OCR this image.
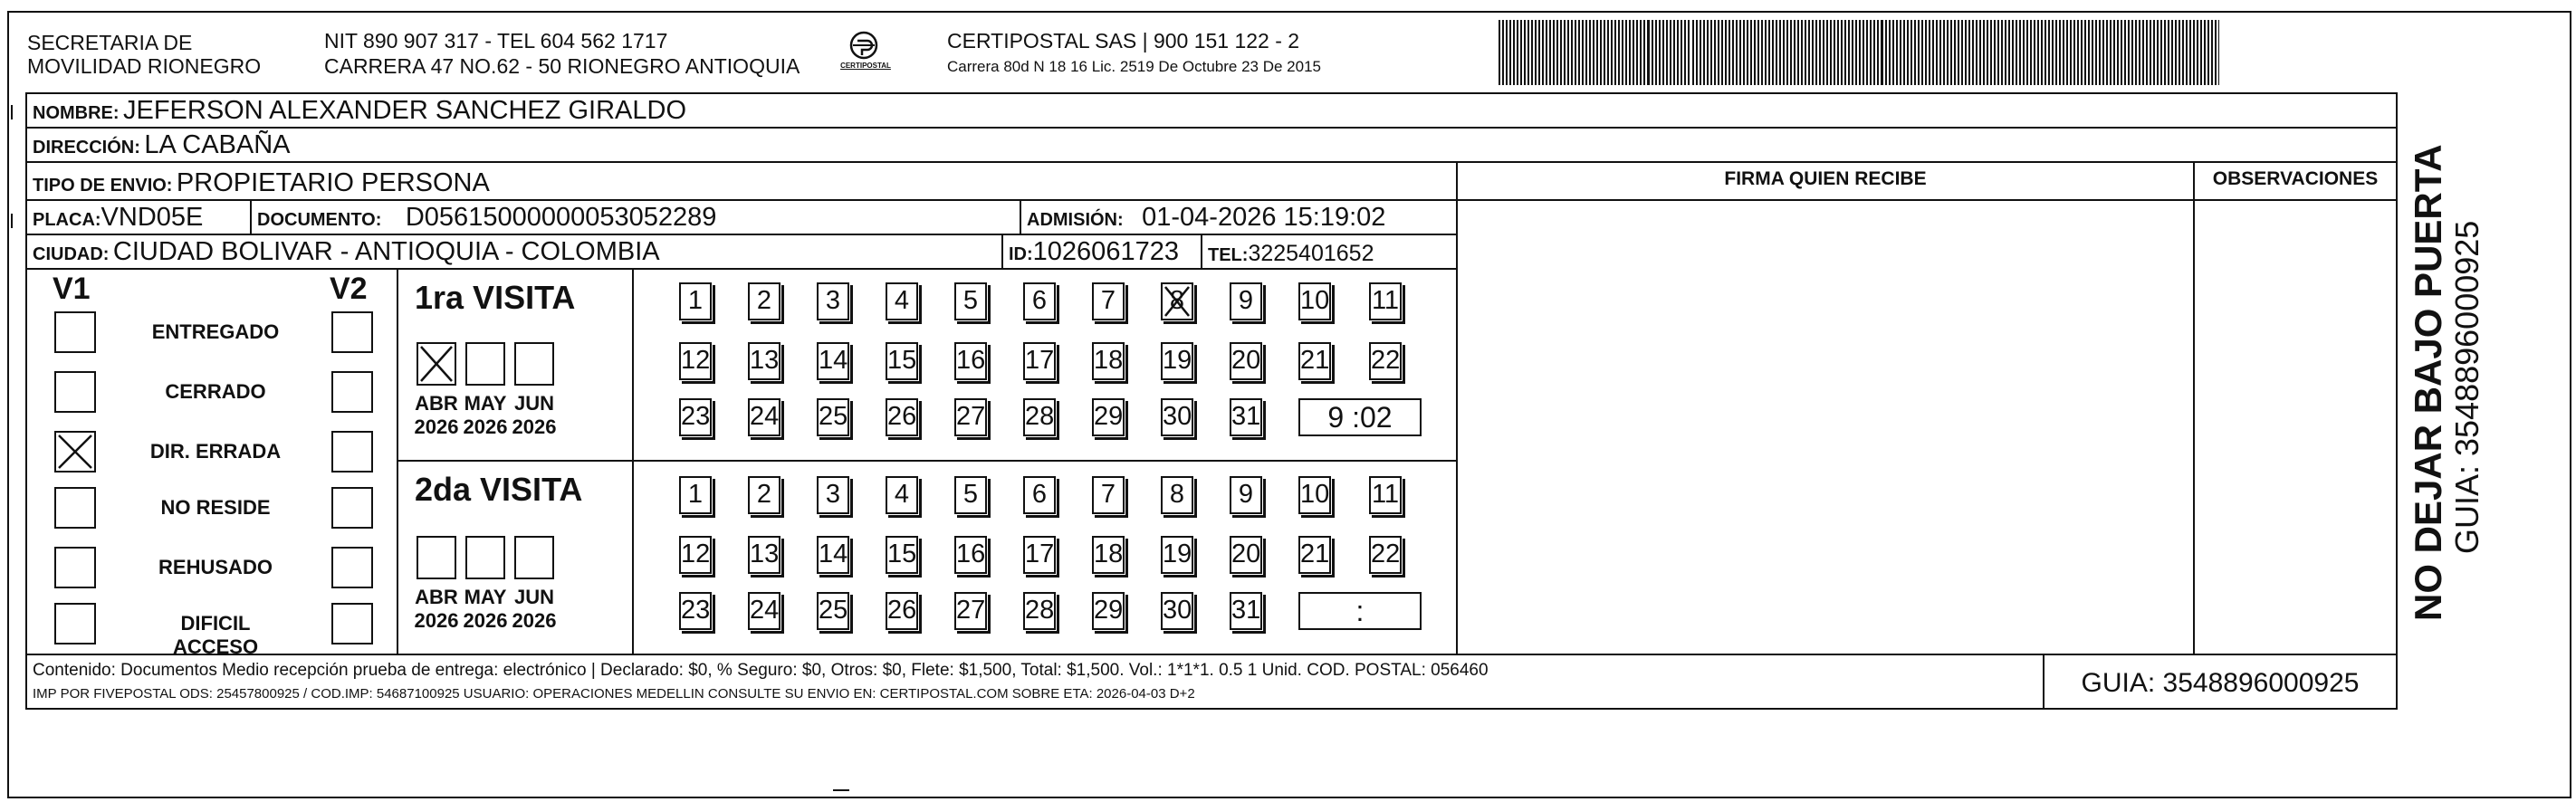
SECRETARIA DE
MOVILIDAD RIONEGRO
NIT 890 907 317 - TEL 604 562 1717
CARRERA 47 NO.62 - 50 RIONEGRO ANTIOQUIA	CERTIPOSTAL
CERTIPOSTAL SAS | 900 151 122 - 2
Carrera 80d N 18 16 Lic. 2519 De Octubre 23 De 2015
NOMBRE: JEFERSON ALEXANDER SANCHEZ GIRALDO
DIRECCIÓN: LA CABAÑA
TIPO DE ENVIO: PROPIETARIO PERSONA	FIRMA QUIEN RECIBE	OBSERVACIONES
PLACA:VND05E	DOCUMENTO: D05615000000053052289	ADMISIÓN: 01-04-2026 15:19:02
CIUDAD: CIUDAD BOLIVAR - ANTIOQUIA - COLOMBIA	ID:1026061723 TEL:3225401652
V1	V2
ENTREGADO
CERRADO
DIR. ERRADA
NO RESIDE
REHUSADO
DIFICIL ACCESO
1ra VISITA
ABR
2026
MAY
2026
JUN
2026
1	2	3	4	5	6	7	8	9	10 11
12 13 14 15 16 17 18 19 20 21 22
23 24 25 26 27 28 29 30 31	9 :02
2da VISITA
ABR
2026
MAY
2026
JUN
2026
1	2	3	4	5	6	7	8	9	10 11
12 13 14 15 16 17 18 19 20 21 22
23 24 25 26 27 28 29 30 31	:
Contenido: Documentos Medio recepción prueba de entrega: electrónico | Declarado: $0, % Seguro: $0, Otros: $0, Flete: $1,500, Total: $1,500. Vol.: 1*1*1. 0.5 1 Unid. COD. POSTAL: 056460
IMP POR FIVEPOSTAL ODS: 25457800925 / COD.IMP: 54687100925 USUARIO: OPERACIONES MEDELLIN CONSULTE SU ENVIO EN: CERTIPOSTAL.COM SOBRE ETA: 2026-04-03 D+2	GUIA: 3548896000925
NO DEJAR BAJO PUERTA GUIA: 3548896000925
